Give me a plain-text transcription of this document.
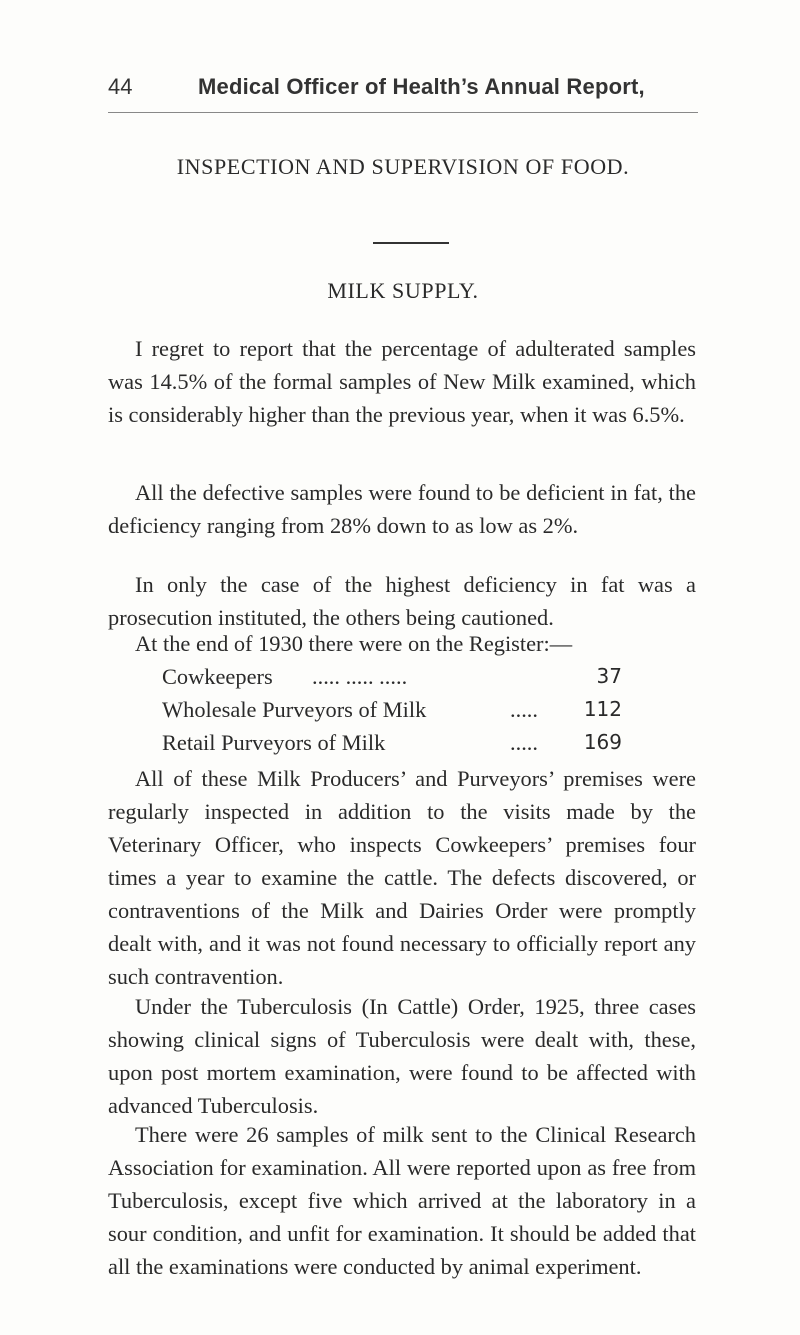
44	Medical Officer of Health’s Annual Report,
INSPECTION AND SUPERVISION OF FOOD.
MILK SUPPLY.

I regret to report that the percentage of adulterated samples was 14.5% of the formal samples of New Milk examined, which is considerably higher than the previous year, when it was 6.5%.

All the defective samples were found to be deficient in fat, the deficiency ranging from 28% down to as low as 2%.

In only the case of the highest deficiency in fat was a prosecution instituted, the others being cautioned.

At the end of 1930 there were on the Register:—

Cowkeepers ..... ..... .....	37
Wholesale Purveyors of Milk	..... 112
Retail Purveyors of Milk	..... 169

All of these Milk Producers’ and Purveyors’ premises were regularly inspected in addition to the visits made by the Veterinary Officer, who inspects Cowkeepers’ premises four times a year to examine the cattle. The defects discovered, or contraventions of the Milk and Dairies Order were promptly dealt with, and it was not found necessary to officially report any such contravention.

Under the Tuberculosis (In Cattle) Order, 1925, three cases showing clinical signs of Tuberculosis were dealt with, these, upon post mortem examination, were found to be affected with advanced Tuberculosis.

There were 26 samples of milk sent to the Clinical Research Association for examination. All were reported upon as free from Tuberculosis, except five which arrived at the laboratory in a sour condition, and unfit for examination. It should be added that all the examinations were conducted by animal experiment.
